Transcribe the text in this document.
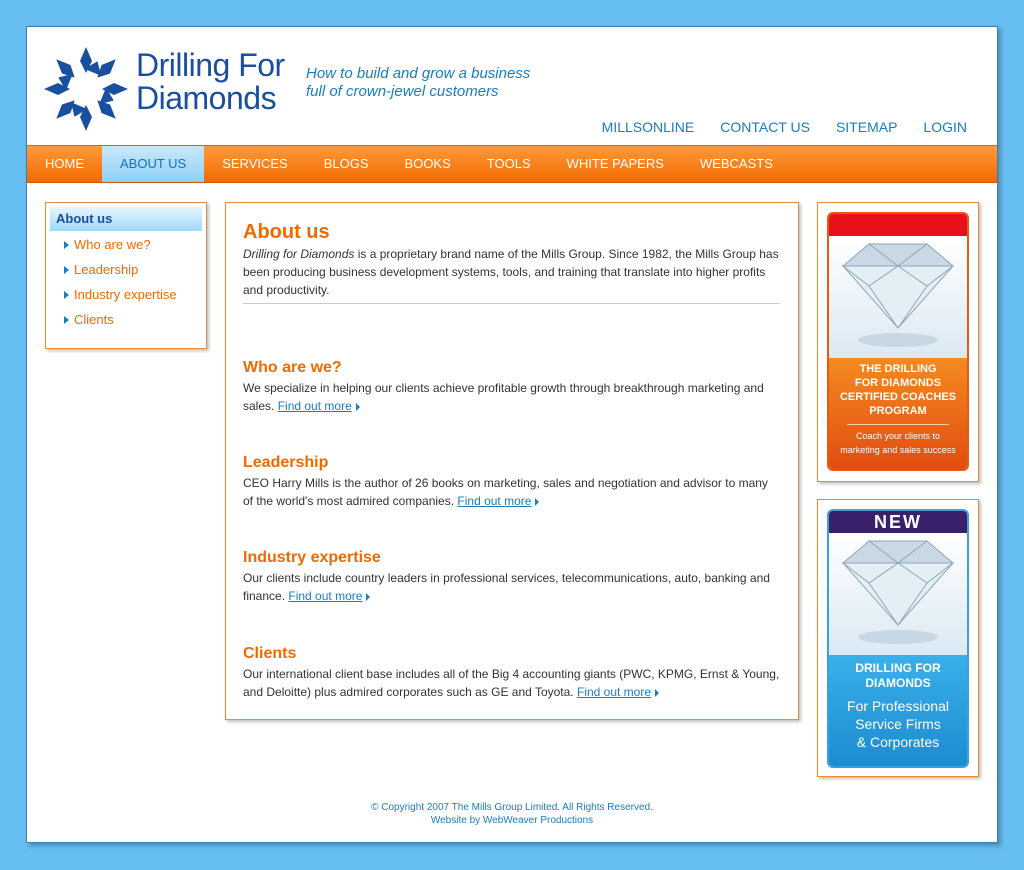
Drilling For
Diamonds
How to build and grow a business
full of crown-jewel customers
MILLSONLINE CONTACT US SITEMAP LOGIN
HOME	ABOUT US	SERVICES	BLOGS	BOOKS	TOOLS	WHITE PAPERS	WEBCASTS
About us
Who are we?
Leadership
Industry expertise
Clients
About us

Drilling for Diamonds is a proprietary brand name of the Mills Group. Since 1982, the Mills Group has been producing business development systems, tools, and training that translate into higher profits and productivity.

Who are we?

We specialize in helping our clients achieve profitable growth through breakthrough marketing and sales. Find out more

Leadership

CEO Harry Mills is the author of 26 books on marketing, sales and negotiation and advisor to many of the world's most admired companies. Find out more

Industry expertise

Our clients include country leaders in professional services, telecommunications, auto, banking and finance. Find out more

Clients

Our international client base includes all of the Big 4 accounting giants (PWC, KPMG, Ernst & Young, and Deloitte) plus admired corporates such as GE and Toyota. Find out more

THE DRILLING
FOR DIAMONDS
CERTIFIED COACHES
PROGRAM
Coach your clients to
marketing and sales success
NEW
DRILLING FOR
DIAMONDS
For Professional
Service Firms
& Corporates
© Copyright 2007 The Mills Group Limited. All Rights Reserved.
Website by WebWeaver Productions
